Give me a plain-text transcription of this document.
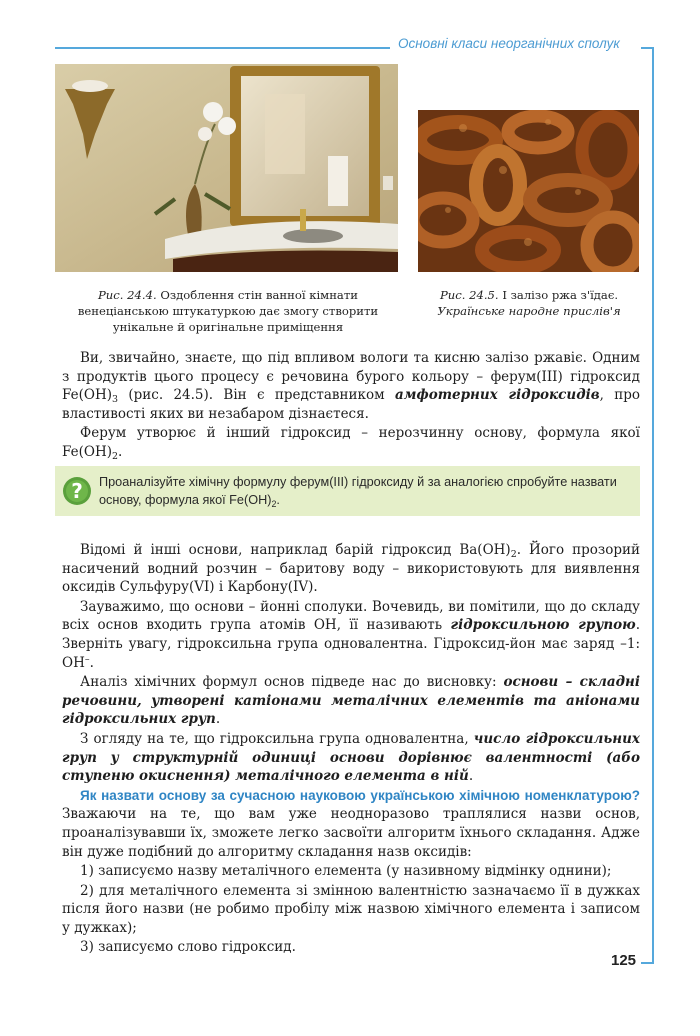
Основні класи неорганічних сполук
125
Рис. 24.4. Оздоблення стін ванної кімнати венеціанською штукатуркою дає змогу створити унікальне й оригінальне приміщення
Рис. 24.5. І залізо ржа з'їдає.
Українське народне прислів'я

Ви, звичайно, знаєте, що під впливом вологи та кисню залізо ржавіє. Одним з продуктів цього процесу є речовина бурого кольору – ферум(III) гідроксид $Fe(OH)_3$ (рис. 24.5). Він є представником амфотерних гідроксидів, про властивості яких ви незабаром дізнаєтеся.

Ферум утворює й інший гідроксид – нерозчинну основу, формула якої $Fe(OH)_2$.

? Проаналізуйте хімічну формулу ферум(III) гідроксиду й за аналогією спробуйте назвати основу, формула якої $Fe(OH)_2$.

Відомі й інші основи, наприклад барій гідроксид $Ba(OH)_2$. Його прозорий насичений водний розчин – баритову воду – використовують для виявлення оксидів Сульфуру(VI) і Карбону(IV).

Зауважимо, що основи – йонні сполуки. Вочевидь, ви помітили, що до складу всіх основ входить група атомів OH, її називають гідроксильною групою. Зверніть увагу, гідроксильна група одновалентна. Гідроксид-йон має заряд –1: OH–.

Аналіз хімічних формул основ підведе нас до висновку: основи – складні речовини, утворені катіонами металічних елементів та аніонами гідроксильних груп.

З огляду на те, що гідроксильна група одновалентна, число гідроксильних груп у структурній одиниці основи дорівнює валентності (або ступеню окиснення) металічного елемента в ній.

Як назвати основу за сучасною науковою українською хімічною номенклатурою? Зважаючи на те, що вам уже неодноразово траплялися назви основ, проаналізувавши їх, зможете легко засвоїти алгоритм їхнього складання. Адже він дуже подібний до алгоритму складання назв оксидів:

1) записуємо назву металічного елемента (у називному відмінку однини);

2) для металічного елемента зі змінною валентністю зазначаємо її в дужках після його назви (не робимо пробілу між назвою хімічного елемента і записом у дужках);

3) записуємо слово гідроксид.
